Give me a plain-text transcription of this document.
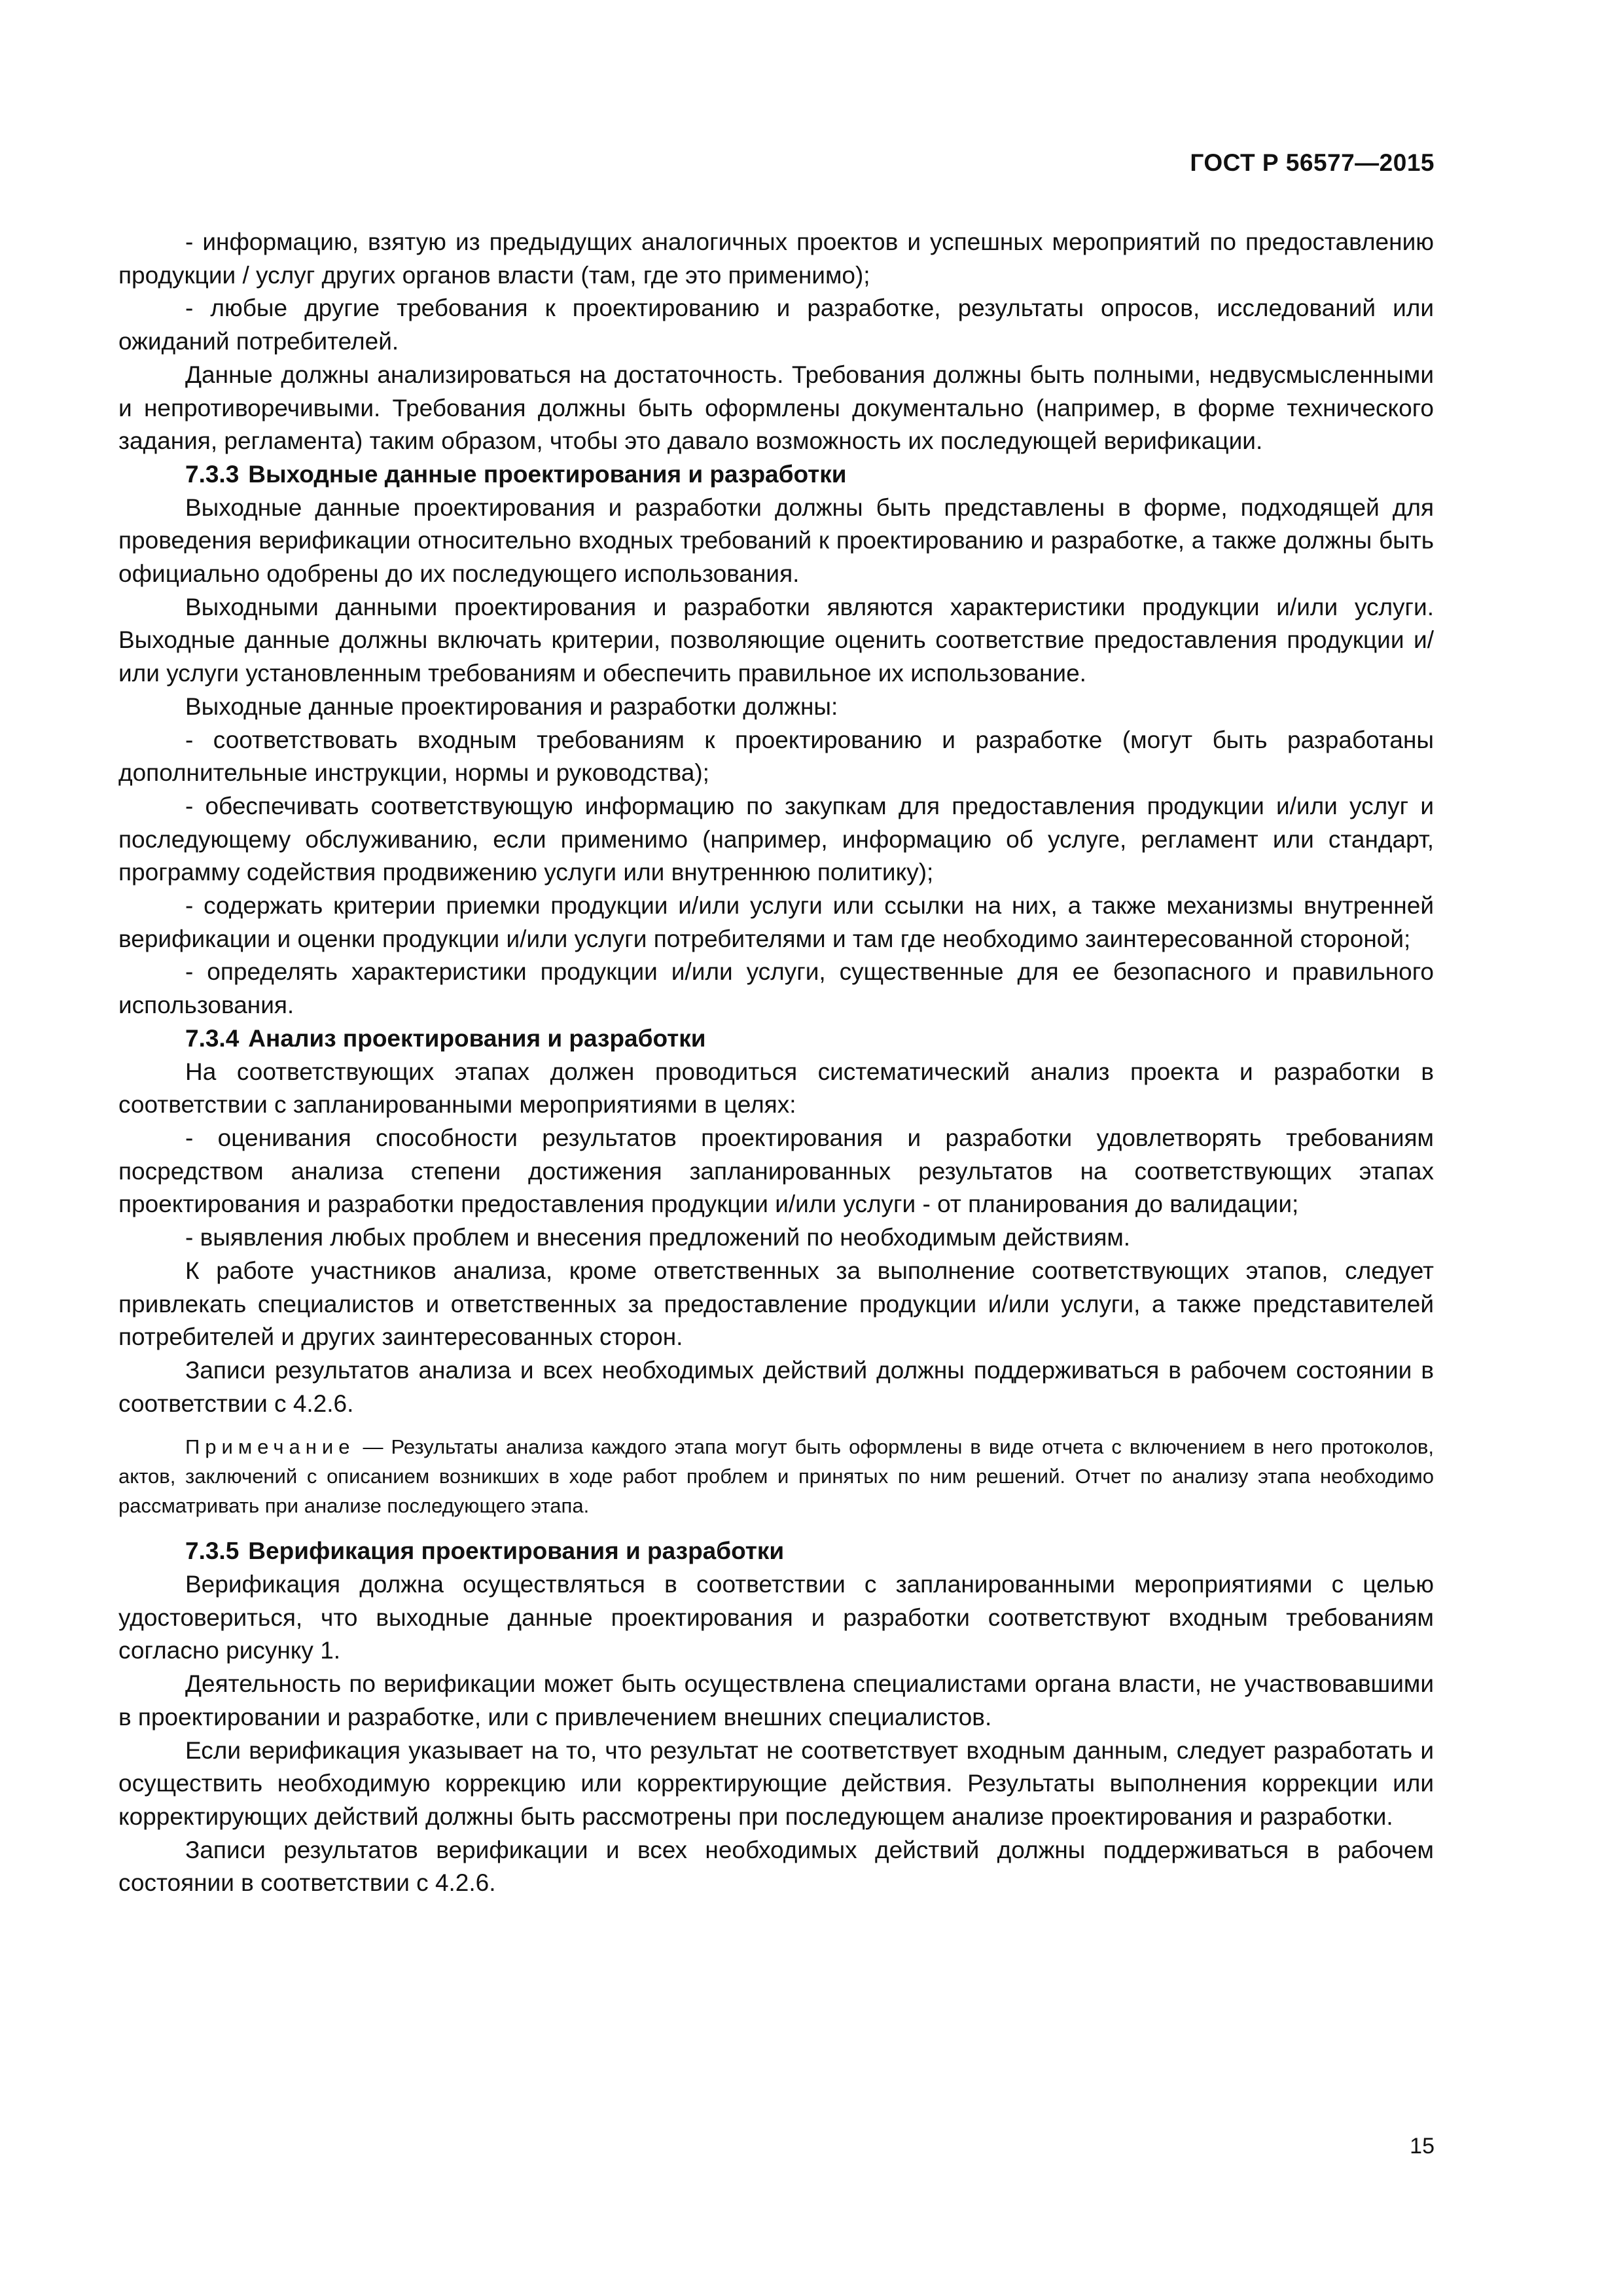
ГОСТ Р 56577—2015

- информацию, взятую из предыдущих аналогичных проектов и успешных мероприятий по предоставлению продукции / услуг других органов власти (там, где это применимо);

- любые другие требования к проектированию и разработке, результаты опросов, исследований или ожиданий потребителей.

Данные должны анализироваться на достаточность. Требования должны быть полными, недвусмысленными и непротиворечивыми. Требования должны быть оформлены документально (например, в форме технического задания, регламента) таким образом, чтобы это давало возможность их последующей верификации.

7.3.3 Выходные данные проектирования и разработки

Выходные данные проектирования и разработки должны быть представлены в форме, подходящей для проведения верификации относительно входных требований к проектированию и разработке, а также должны быть официально одобрены до их последующего использования.

Выходными данными проектирования и разработки являются характеристики продукции и/или услуги. Выходные данные должны включать критерии, позволяющие оценить соответствие предоставления продукции и/или услуги установленным требованиям и обеспечить правильное их использование.

Выходные данные проектирования и разработки должны:

- соответствовать входным требованиям к проектированию и разработке (могут быть разработаны дополнительные инструкции, нормы и руководства);

- обеспечивать соответствующую информацию по закупкам для предоставления продукции и/или услуг и последующему обслуживанию, если применимо (например, информацию об услуге, регламент или стандарт, программу содействия продвижению услуги или внутреннюю политику);

- содержать критерии приемки продукции и/или услуги или ссылки на них, а также механизмы внутренней верификации и оценки продукции и/или услуги потребителями и там где необходимо заинтересованной стороной;

- определять характеристики продукции и/или услуги, существенные для ее безопасного и правильного использования.

7.3.4 Анализ проектирования и разработки

На соответствующих этапах должен проводиться систематический анализ проекта и разработки в соответствии с запланированными мероприятиями в целях:

- оценивания способности результатов проектирования и разработки удовлетворять требованиям посредством анализа степени достижения запланированных результатов на соответствующих этапах проектирования и разработки предоставления продукции и/или услуги - от планирования до валидации;

- выявления любых проблем и внесения предложений по необходимым действиям.

К работе участников анализа, кроме ответственных за выполнение соответствующих этапов, следует привлекать специалистов и ответственных за предоставление продукции и/или услуги, а также представителей потребителей и других заинтересованных сторон.

Записи результатов анализа и всех необходимых действий должны поддерживаться в рабочем состоянии в соответствии с 4.2.6.

Примечание — Результаты анализа каждого этапа могут быть оформлены в виде отчета с включением в него протоколов, актов, заключений с описанием возникших в ходе работ проблем и принятых по ним решений. Отчет по анализу этапа необходимо рассматривать при анализе последующего этапа.
7.3.5 Верификация проектирования и разработки

Верификация должна осуществляться в соответствии с запланированными мероприятиями с целью удостовериться, что выходные данные проектирования и разработки соответствуют входным требованиям согласно рисунку 1.

Деятельность по верификации может быть осуществлена специалистами органа власти, не участвовавшими в проектировании и разработке, или с привлечением внешних специалистов.

Если верификация указывает на то, что результат не соответствует входным данным, следует разработать и осуществить необходимую коррекцию или корректирующие действия. Результаты выполнения коррекции или корректирующих действий должны быть рассмотрены при последующем анализе проектирования и разработки.

Записи результатов верификации и всех необходимых действий должны поддерживаться в рабочем состоянии в соответствии с 4.2.6.

15
